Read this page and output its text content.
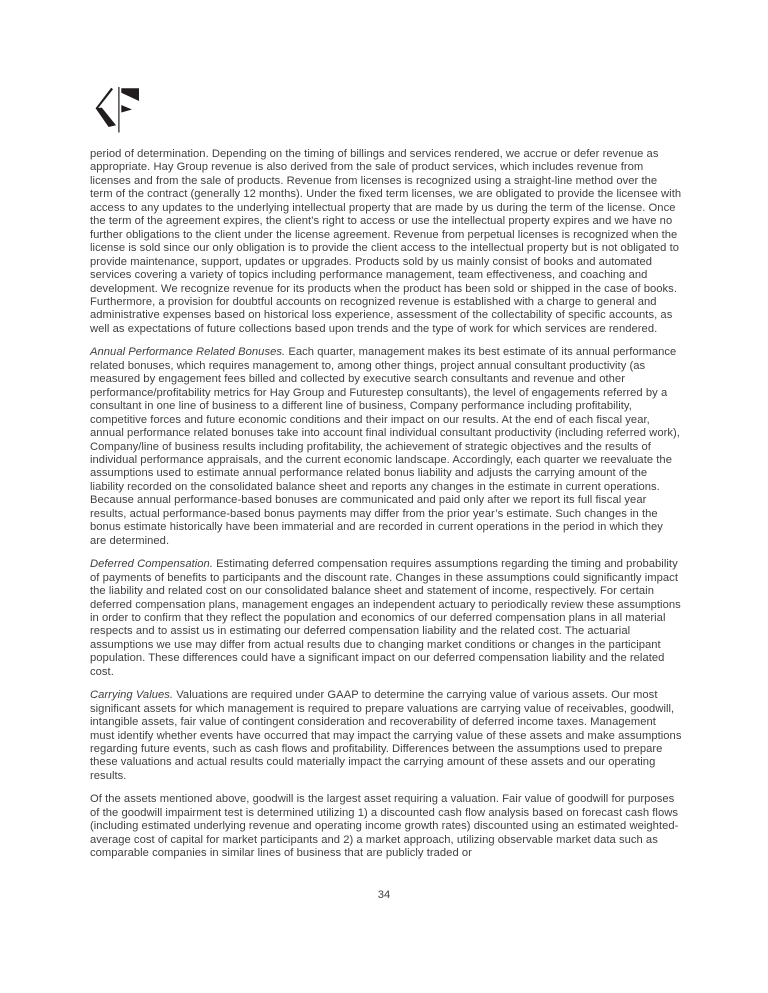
period of determination. Depending on the timing of billings and services rendered, we accrue or defer revenue as appropriate. Hay Group revenue is also derived from the sale of product services, which includes revenue from licenses and from the sale of products. Revenue from licenses is recognized using a straight-line method over the term of the contract (generally 12 months). Under the fixed term licenses, we are obligated to provide the licensee with access to any updates to the underlying intellectual property that are made by us during the term of the license. Once the term of the agreement expires, the client’s right to access or use the intellectual property expires and we have no further obligations to the client under the license agreement. Revenue from perpetual licenses is recognized when the license is sold since our only obligation is to provide the client access to the intellectual property but is not obligated to provide maintenance, support, updates or upgrades. Products sold by us mainly consist of books and automated services covering a variety of topics including performance management, team effectiveness, and coaching and development. We recognize revenue for its products when the product has been sold or shipped in the case of books. Furthermore, a provision for doubtful accounts on recognized revenue is established with a charge to general and administrative expenses based on historical loss experience, assessment of the collectability of specific accounts, as well as expectations of future collections based upon trends and the type of work for which services are rendered.

Annual Performance Related Bonuses. Each quarter, management makes its best estimate of its annual performance related bonuses, which requires management to, among other things, project annual consultant productivity (as measured by engagement fees billed and collected by executive search consultants and revenue and other performance/profitability metrics for Hay Group and Futurestep consultants), the level of engagements referred by a consultant in one line of business to a different line of business, Company performance including profitability, competitive forces and future economic conditions and their impact on our results. At the end of each fiscal year, annual performance related bonuses take into account final individual consultant productivity (including referred work), Company/line of business results including profitability, the achievement of strategic objectives and the results of individual performance appraisals, and the current economic landscape. Accordingly, each quarter we reevaluate the assumptions used to estimate annual performance related bonus liability and adjusts the carrying amount of the liability recorded on the consolidated balance sheet and reports any changes in the estimate in current operations. Because annual performance-based bonuses are communicated and paid only after we report its full fiscal year results, actual performance-based bonus payments may differ from the prior year’s estimate. Such changes in the bonus estimate historically have been immaterial and are recorded in current operations in the period in which they are determined.

Deferred Compensation. Estimating deferred compensation requires assumptions regarding the timing and probability of payments of benefits to participants and the discount rate. Changes in these assumptions could significantly impact the liability and related cost on our consolidated balance sheet and statement of income, respectively. For certain deferred compensation plans, management engages an independent actuary to periodically review these assumptions in order to confirm that they reflect the population and economics of our deferred compensation plans in all material respects and to assist us in estimating our deferred compensation liability and the related cost. The actuarial assumptions we use may differ from actual results due to changing market conditions or changes in the participant population. These differences could have a significant impact on our deferred compensation liability and the related cost.

Carrying Values. Valuations are required under GAAP to determine the carrying value of various assets. Our most significant assets for which management is required to prepare valuations are carrying value of receivables, goodwill, intangible assets, fair value of contingent consideration and recoverability of deferred income taxes. Management must identify whether events have occurred that may impact the carrying value of these assets and make assumptions regarding future events, such as cash flows and profitability. Differences between the assumptions used to prepare these valuations and actual results could materially impact the carrying amount of these assets and our operating results.

Of the assets mentioned above, goodwill is the largest asset requiring a valuation. Fair value of goodwill for purposes of the goodwill impairment test is determined utilizing 1) a discounted cash flow analysis based on forecast cash flows (including estimated underlying revenue and operating income growth rates) discounted using an estimated weighted-average cost of capital for market participants and 2) a market approach, utilizing observable market data such as comparable companies in similar lines of business that are publicly traded or

34
